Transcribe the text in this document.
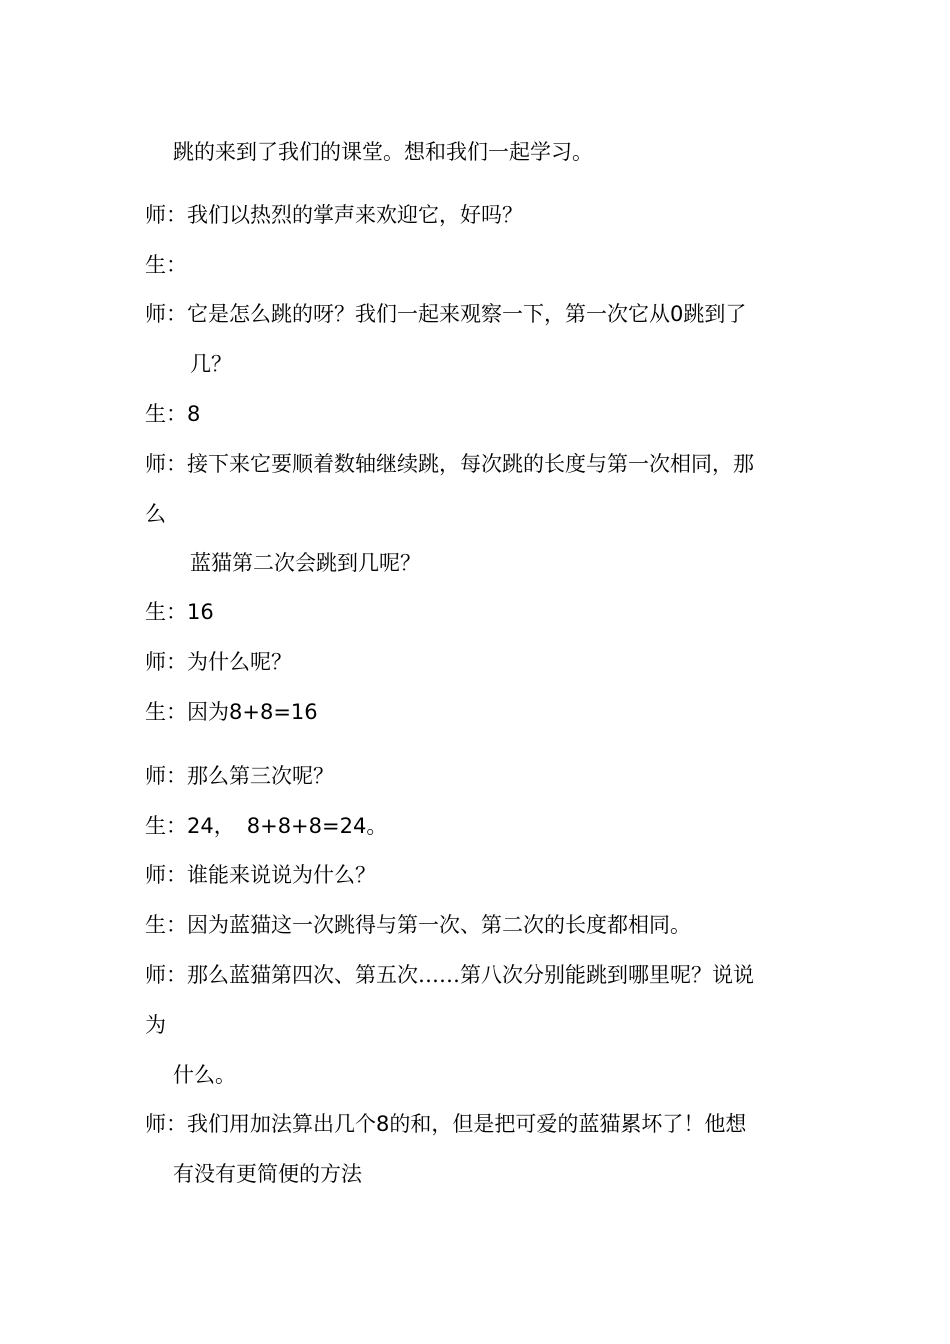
跳的来到了我们的课堂。想和我们一起学习。
师：我们以热烈的掌声来欢迎它，好吗？
生：
师：它是怎么跳的呀？我们一起来观察一下，第一次它从0跳到了
几？
生：8
师：接下来它要顺着数轴继续跳，每次跳的长度与第一次相同，那
么
蓝猫第二次会跳到几呢？
生：16
师：为什么呢？
生：因为8+8=16
师：那么第三次呢？
生：24， 8+8+8=24。
师：谁能来说说为什么？
生：因为蓝猫这一次跳得与第一次、第二次的长度都相同。
师：那么蓝猫第四次、第五次……第八次分别能跳到哪里呢？说说
为
什么。
师：我们用加法算出几个8的和，但是把可爱的蓝猫累坏了！他想
有没有更简便的方法
